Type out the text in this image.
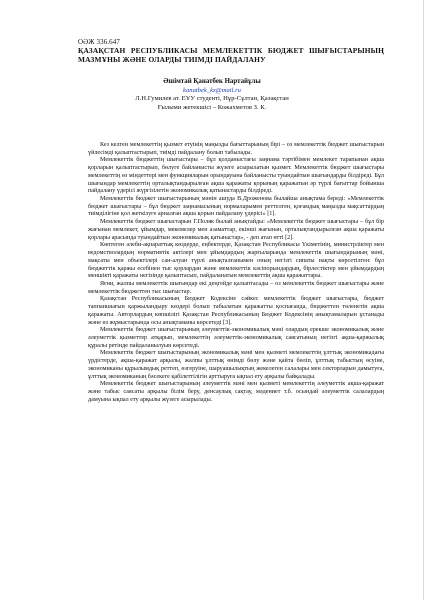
ОӘЖ 336.647
ҚАЗАҚСТАН РЕСПУБЛИКАСЫ МЕМЛЕКЕТТІК БЮДЖЕТ ШЫҒЫСТАРЫНЫҢ МАЗМҰНЫ ЖӘНЕ ОЛАРДЫ ТИІМДІ ПАЙДАЛАНУ
Әшімтай Қанатбек Нартайұлы
kanatbek_kz@mail.ru
Л.Н.Гумилев ат. ЕҰУ студенті, Нұр-Сұлтан, Қазақстан
Ғылыми жетекшісі – Кожахметов З. К.

Кез келген мемлекеттің қызмет етуінің маңызды бағыттарының бірі – оз мемлекеттік бюджет шығыстарын үйлесімді қалыптастырып, тиімді пайдалану болып табылады.

Мемлекеттік бюджеттің шығыстары – бұл қолданыстағы заңнама тәртібімен мемлекет тарапынан ақша қорларын қалыптастырып, бөлуге байланысты жүзеге асырылатын қызмет. Мемлекеттік бюджет шығыстары мемлекеттің өз міндеттері мен функцияларын орындауына байланысты туындайтын шығындарды білдіреді. Бұл шығындар мемлекеттің орталықтандырылған ақша қаражаты қорының қаражатын әр түрлі бағыттар бойынша пайдалану үдерісі жүргізілетін экономикалық қатынастарды білдіреді.

Мемлекеттік бюджет шығыстарының мәнін ашуда В.Дроженова былайша анықтама береді: «Мемлекеттік бюджет шығыстары – бұл бюджет заңнамасының нормаларымен реттелген, қоғамдық маңызды мақсаттардың тиімділігіне қол жеткізуге арналған ақша қорын пайдалану үдерісі» [1].

Мемлекеттік бюджет шығыстарын Г.Поляк былай анықтайды: «Мемлекеттік бюджет шығыстары – бұл бір жағынан мемлекет, ұйымдар, мекемелер мен азаматтар, екінші жағынан, орталықтандырылған ақша қаражаты қорлары арасында туындайтын экономикалық қатынастар», - деп атап өтті [2].

Көптеген әлеби-ақпараттық көздерде, еңбектерде, Қазақстан Республикасы Үкіметінің, министрліктер мен ведомстволардың нормативтік актілері мен ұйымдардың жарғыларында мемлекеттік шығындарының мәні, мақсаты мен объектілері сан-алуан түрлі анықталғанымен оның негізгі сипаты нақты көрсетілген: бұл бюджеттік қаржы есебінен тыс қорлардан және мемлекеттік кәсіпорындардың, бірлестіктер мен ұйымдардың меншікті қаражаты негізінде қалыптасып, пайдаланатын мемлекеттің ақша қаражаттары.

Яғни, жалпы мемлекеттік шығындар екі деңгейде қалыптасады – оз мемлекеттік бюджет шығыстары және мемлекеттік бюджеттен тыс шығыстар.

Қазақстан Республикасының Бюджет Кодексіне сәйкес мемлекеттік бюджет шығыстары, бюджет таппаншығын қаржыландыру көздері болып табылатын қаражатты қоспағанда, бюджеттен төленетін ақша қаражаты. Авторлардың көпшілігі Қазақстан Республикасының Бюджет Кодексінің анықтамаларын ұстанады және өз жұмыстарында осы анықтаманы көрсетеді [3].

Мемлекеттік бюджет шығыстарының әлеуметтік-экономикалық мәні олардың ерекше экономикалық және әлеуметтік қызметтер атқарып, мемлекеттің әлеуметтік-экономикалық саясатының негізгі ақша-қаржылық құралы ретінде пайдаланылуын көрсетеді.

Мемлекеттік бюджет шығыстарының экономикалық мәні мен қызметі мемлекеттің ұлттық экономикадағы үрдістерде, ақша-қаражат арқылы, жалпы ұлттық өнімді бөлу және қайта бөліп, ұлттық табыстың өсуіне, экономиканы құрылымдық реттеп, өзгеруіне, шаруашылықтың жекелеген салалары мен секторларын дамытуға, ұлттық экономиканың бәсекеге қабілеттілігін арттыруға ықпал ету арқылы байқалады.

Мемлекеттік бюджет шығыстарының әлеуметтік мәні мен қызметі мемлекеттің әлеуметтік ақша-қаражат және табыс саясаты арқылы білім беру, денсаулық сақтау, мәдениет т.б. осындай әлеуметтік салалардың дамуына ықпал ету арқылы жүзеге асырылады.
